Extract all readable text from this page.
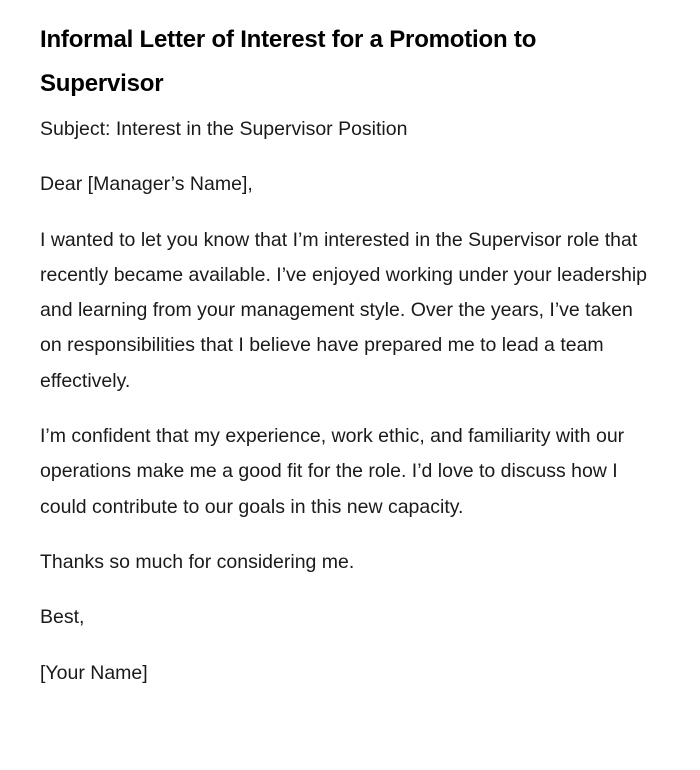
Informal Letter of Interest for a Promotion to Supervisor

Subject: Interest in the Supervisor Position

Dear [Manager’s Name],

I wanted to let you know that I’m interested in the Supervisor role that recently became available. I’ve enjoyed working under your leadership and learning from your management style. Over the years, I’ve taken on responsibilities that I believe have prepared me to lead a team effectively.

I’m confident that my experience, work ethic, and familiarity with our operations make me a good fit for the role. I’d love to discuss how I could contribute to our goals in this new capacity.

Thanks so much for considering me.

Best,

[Your Name]
